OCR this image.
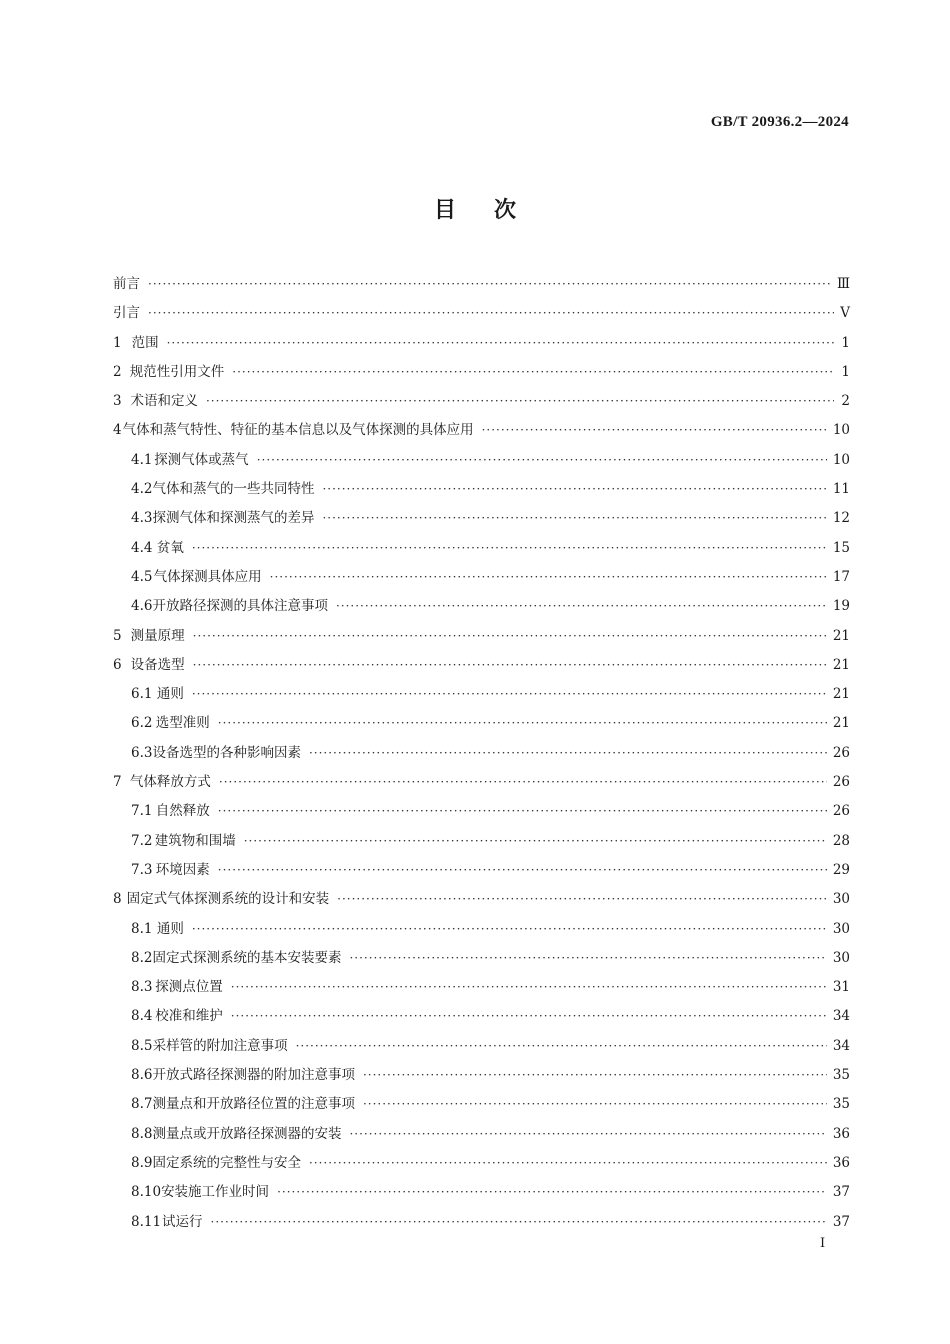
GB/T 20936.2—2024
目次
前言 ·····	Ⅲ
引言 ·····	Ⅴ
1 范围 ·····	1
2 规范性引用文件 ·····	1
3 术语和定义 ·····	2
4 气体和蒸气特性、特征的基本信息以及气体探测的具体应用 ·····	10
4.1 探测气体或蒸气 ·····	10
4.2 气体和蒸气的一些共同特性 ·····	11
4.3 探测气体和探测蒸气的差异 ·····	12
4.4 贫氧 ·····	15
4.5 气体探测具体应用 ·····	17
4.6 开放路径探测的具体注意事项 ·····	19
5 测量原理 ·····	21
6 设备选型 ·····	21
6.1 通则 ·····	21
6.2 选型准则 ·····	21
6.3 设备选型的各种影响因素 ·····	26
7 气体释放方式 ·····	26
7.1 自然释放 ·····	26
7.2 建筑物和围墙 ·····	28
7.3 环境因素 ·····	29
8 固定式气体探测系统的设计和安装 ·····	30
8.1 通则 ·····	30
8.2 固定式探测系统的基本安装要素 ·····	30
8.3 探测点位置 ·····	31
8.4 校准和维护 ·····	34
8.5 采样管的附加注意事项 ·····	34
8.6 开放式路径探测器的附加注意事项 ·····	35
8.7 测量点和开放路径位置的注意事项 ·····	35
8.8 测量点或开放路径探测器的安装 ·····	36
8.9 固定系统的完整性与安全 ·····	36
8.10 安装施工作业时间 ·····	37
8.11 试运行 ·····	37
Ⅰ
